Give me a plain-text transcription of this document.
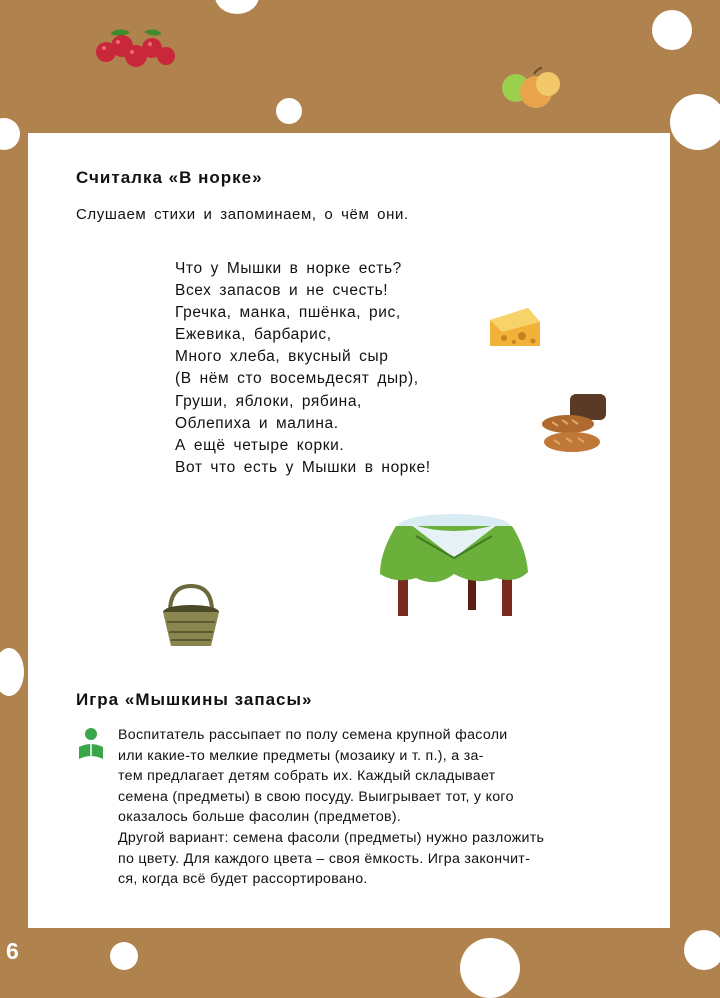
Считалка «В норке»
Слушаем стихи и запоминаем, о чём они.
Что у Мышки в норке есть?
Всех запасов и не счесть!
Гречка, манка, пшёнка, рис,
Ежевика, барбарис,
Много хлеба, вкусный сыр
(В нём сто восемьдесят дыр),
Груши, яблоки, рябина,
Облепиха и малина.
А ещё четыре корки.
Вот что есть у Мышки в норке!
Игра «Мышкины запасы»
Воспитатель рассыпает по полу семена крупной фасоли
или какие-то мелкие предметы (мозаику и т. п.), а за-
тем предлагает детям собрать их. Каждый складывает
семена (предметы) в свою посуду. Выигрывает тот, у кого
оказалось больше фасолин (предметов).
Другой вариант: семена фасоли (предметы) нужно разложить
по цвету. Для каждого цвета – своя ёмкость. Игра закончит-
ся, когда всё будет рассортировано.
6
